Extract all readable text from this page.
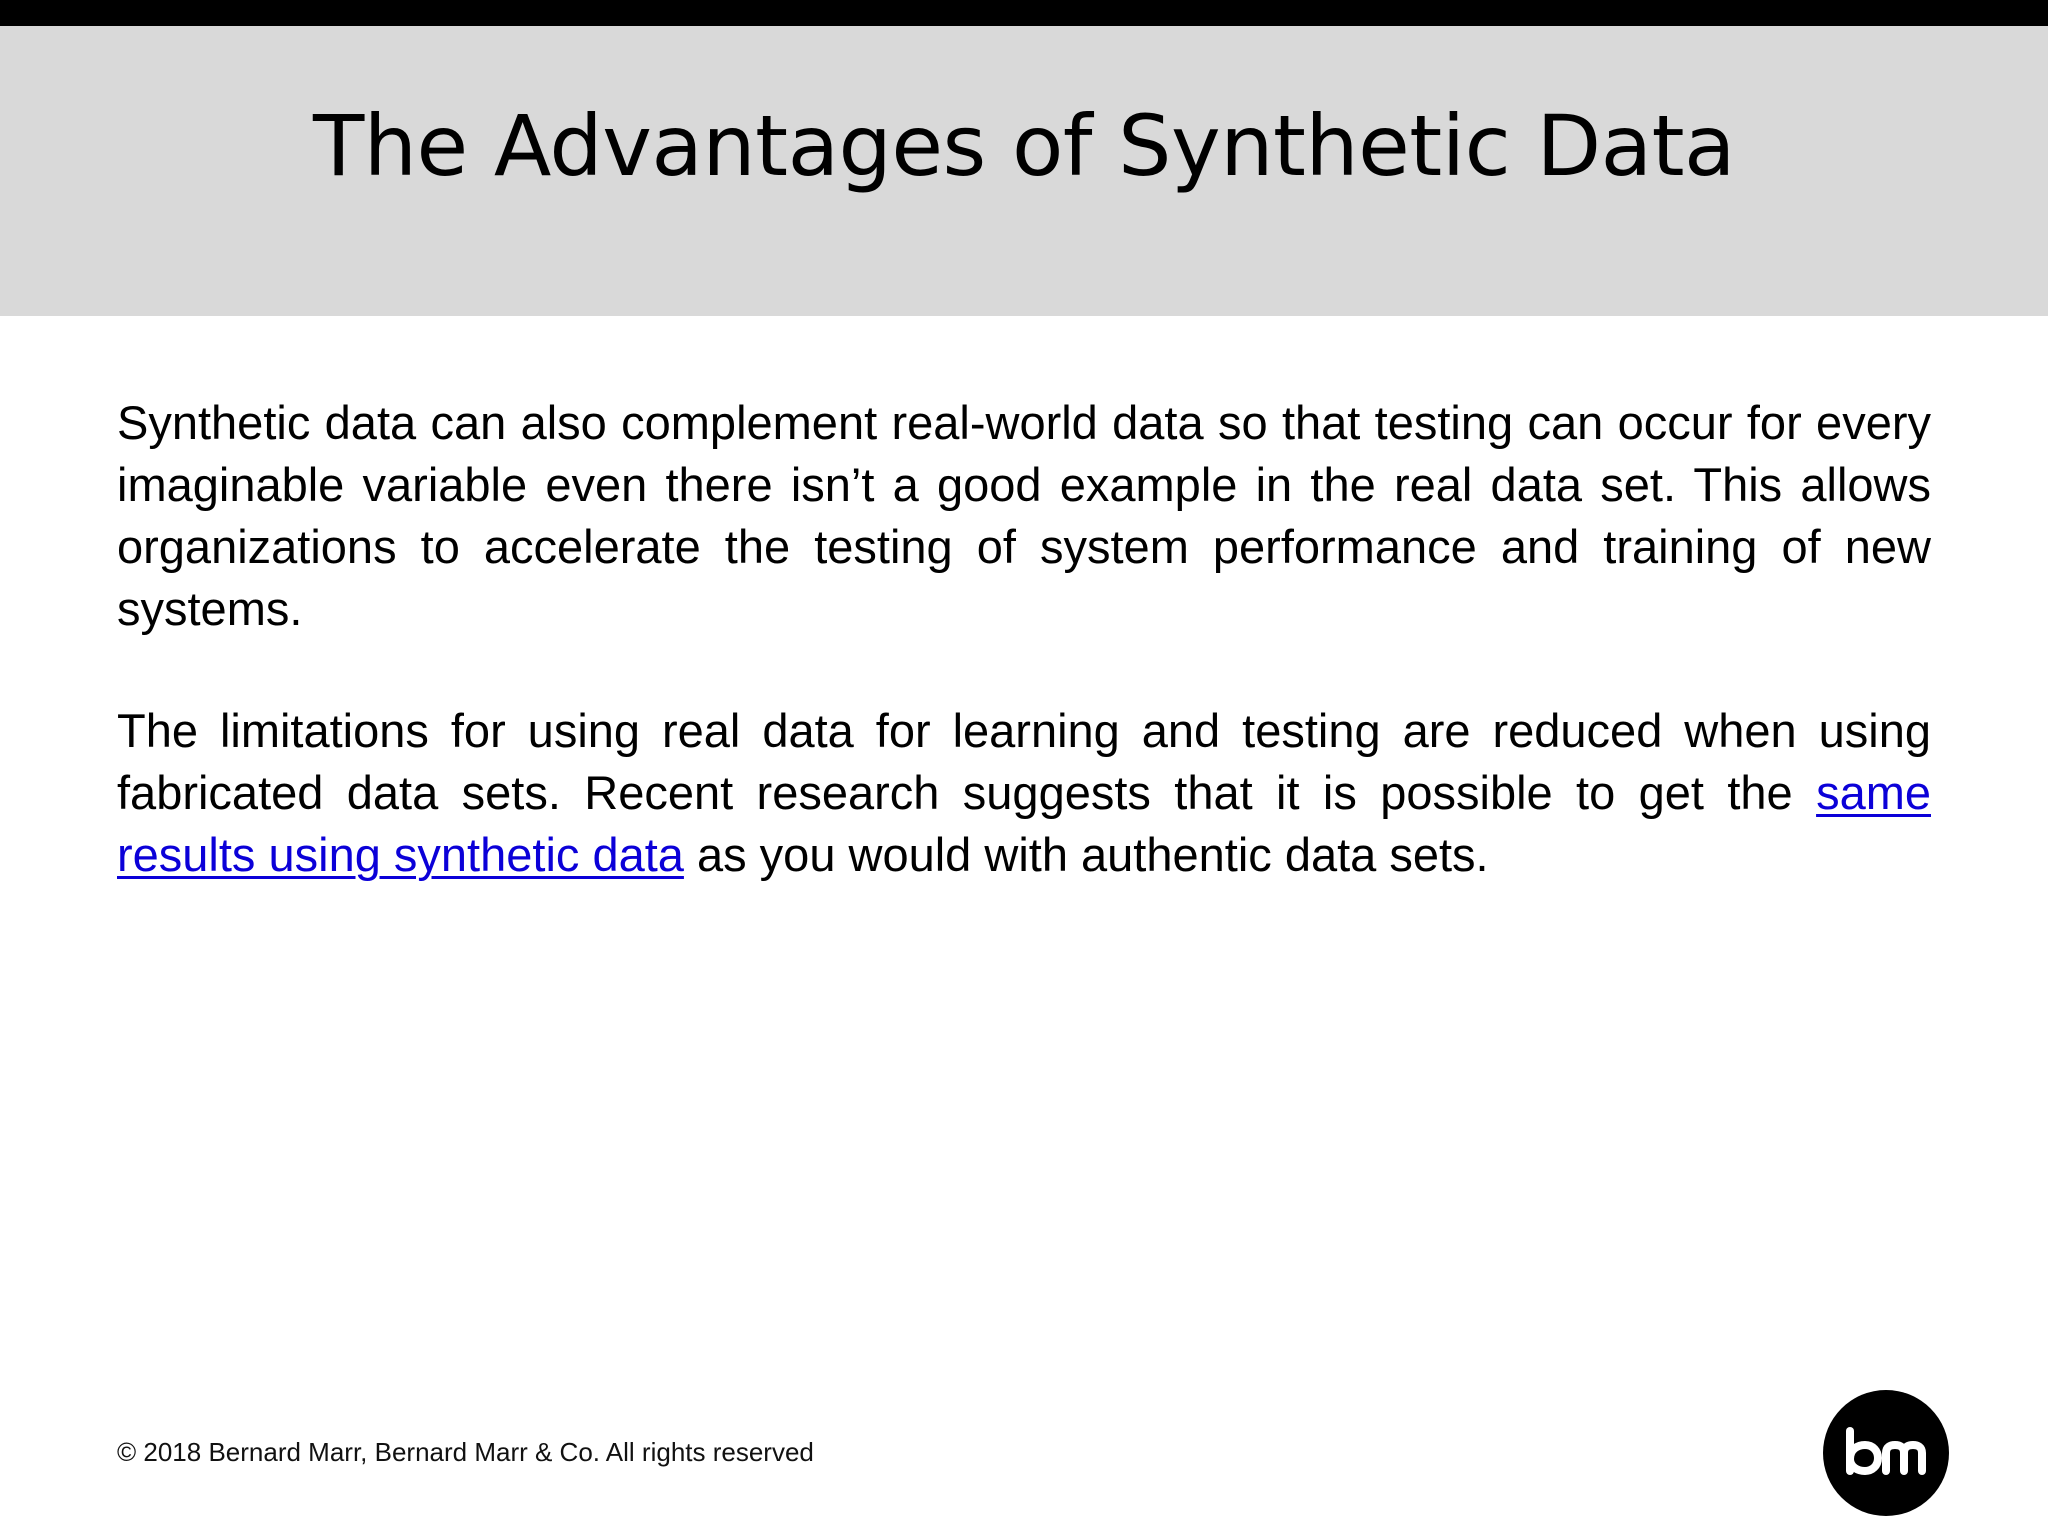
The Advantages of Synthetic Data

Synthetic data can also complement real-world data so that testing can occur for every imaginable variable even there isn’t a good example in the real data set. This allows organizations to accelerate the testing of system performance and training of new systems.

The limitations for using real data for learning and testing are reduced when using fabricated data sets. Recent research suggests that it is possible to get the same results using synthetic data as you would with authentic data sets.

© 2018 Bernard Marr, Bernard Marr & Co. All rights reserved
